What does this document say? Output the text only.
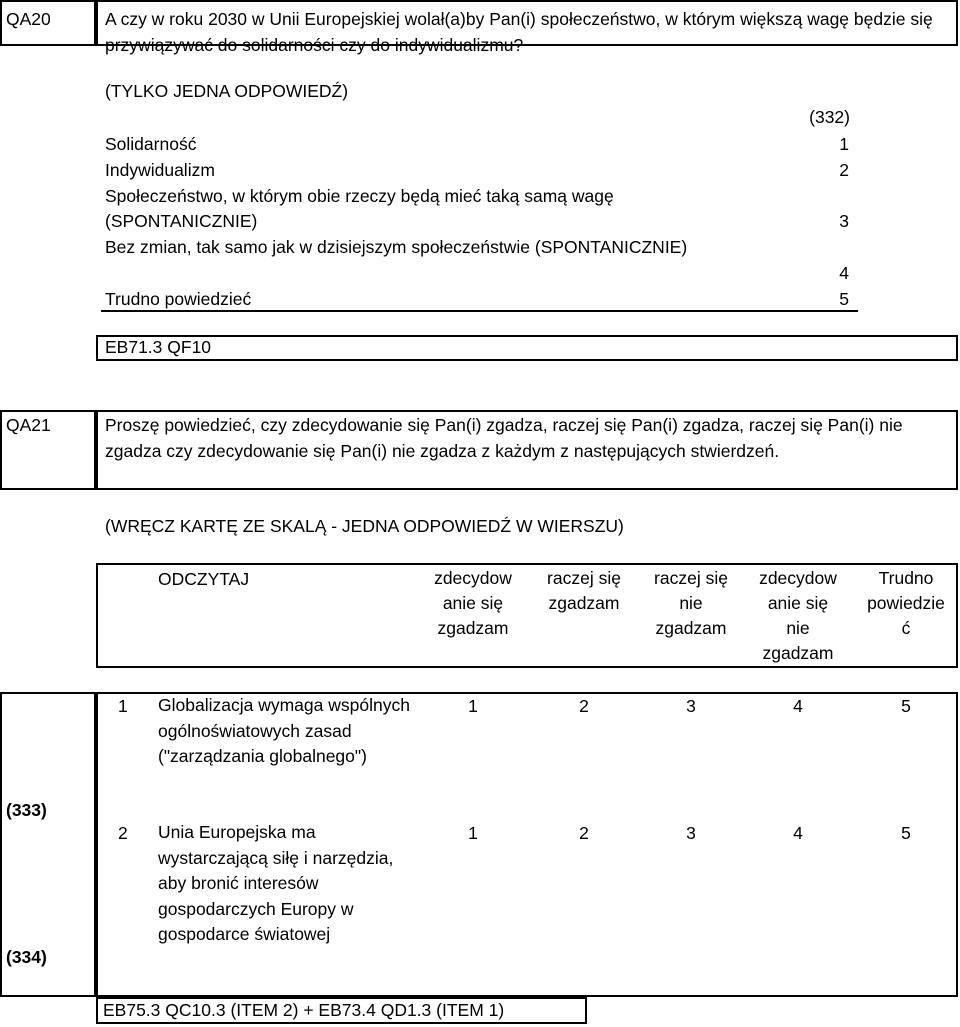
QA20	A czy w roku 2030 w Unii Europejskiej wolał(a)by Pan(i) społeczeństwo, w którym większą wagę będzie się przywiązywać do solidarności czy do indywidualizmu?
(TYLKO JEDNA ODPOWIEDŹ)
(332)
Solidarność	1
Indywidualizm	2
Społeczeństwo, w którym obie rzeczy będą mieć taką samą wagę
(SPONTANICZNIE)	3
Bez zmian, tak samo jak w dzisiejszym społeczeństwie (SPONTANICZNIE)
4
Trudno powiedzieć	5
EB71.3 QF10
QA21	Proszę powiedzieć, czy zdecydowanie się Pan(i) zgadza, raczej się Pan(i) zgadza, raczej się Pan(i) nie zgadza czy zdecydowanie się Pan(i) nie zgadza z każdym z następujących stwierdzeń.
(WRĘCZ KARTĘ ZE SKALĄ - JEDNA ODPOWIEDŹ W WIERSZU)
ODCZYTAJ	zdecydow
anie się
zgadzam
raczej się
zgadzam
raczej się
nie
zgadzam
zdecydow
anie się
nie
zgadzam
Trudno
powiedzie
ć
(333)
(334)
1 Globalizacja wymaga wspólnych ogólnoświatowych zasad ("zarządzania globalnego")
1	2	3	4	5
2 Unia Europejska ma wystarczającą siłę i narzędzia, aby bronić interesów gospodarczych Europy w gospodarce światowej
1	2	3	4	5
EB75.3 QC10.3 (ITEM 2) + EB73.4 QD1.3 (ITEM 1)
